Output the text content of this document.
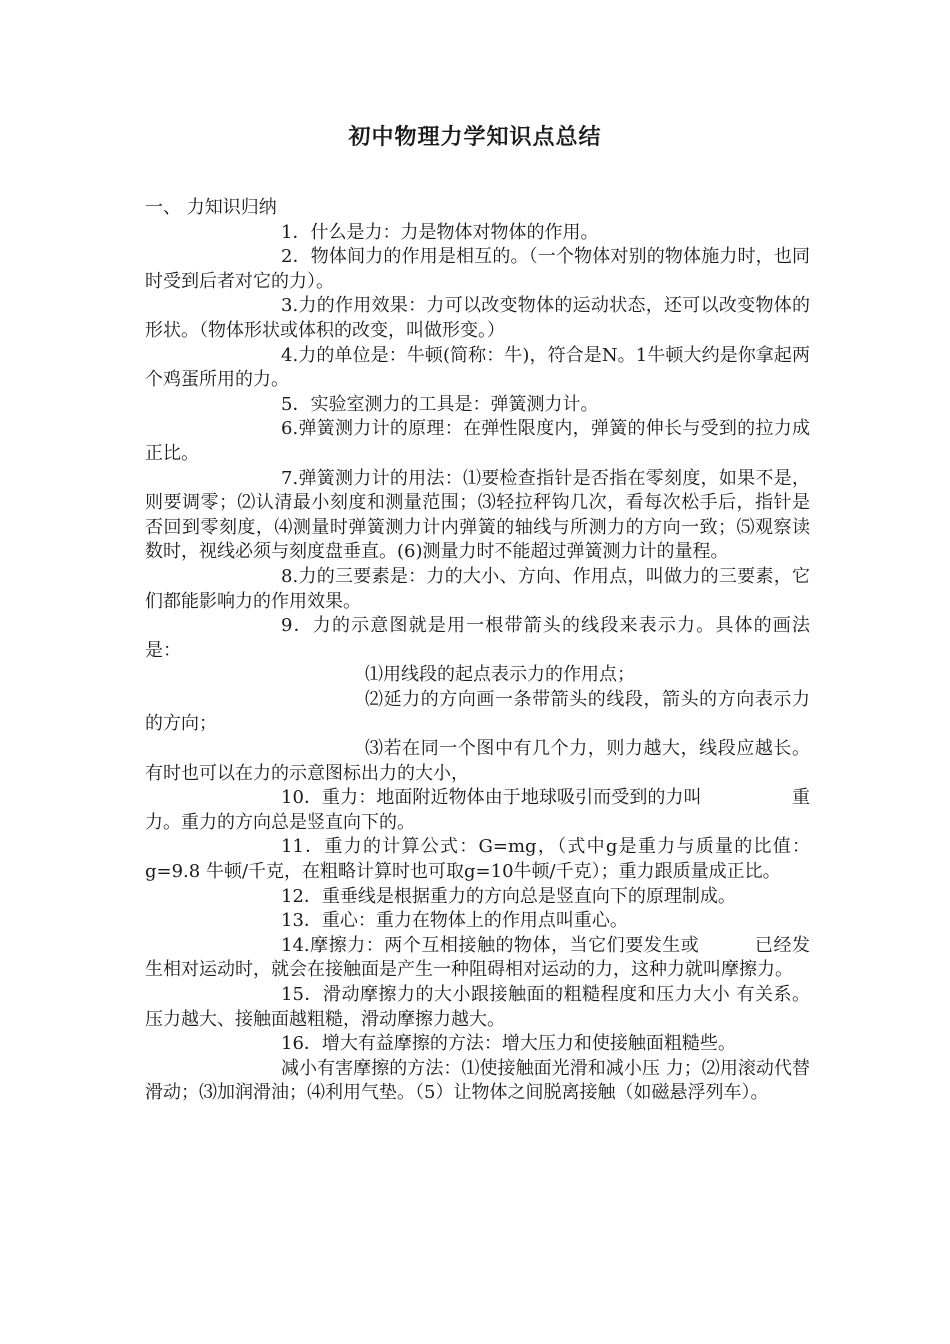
初中物理力学知识点总结

一、 力知识归纳

1．什么是力：力是物体对物体的作用。

2．物体间力的作用是相互的。（一个物体对别的物体施力时，也同时受到后者对它的力）。

3.力的作用效果：力可以改变物体的运动状态，还可以改变物体的形状。（物体形状或体积的改变，叫做形变。）

4.力的单位是：牛顿(简称：牛)，符合是N。1牛顿大约是你拿起两个鸡蛋所用的力。

5．实验室测力的工具是：弹簧测力计。

6.弹簧测力计的原理：在弹性限度内，弹簧的伸长与受到的拉力成正比。

7.弹簧测力计的用法：⑴要检查指针是否指在零刻度，如果不是，则要调零；⑵认清最小刻度和测量范围；⑶轻拉秤钩几次，看每次松手后，指针是否回到零刻度，⑷测量时弹簧测力计内弹簧的轴线与所测力的方向一致；⑸观察读数时，视线必须与刻度盘垂直。(6)测量力时不能超过弹簧测力计的量程。

8.力的三要素是：力的大小、方向、作用点，叫做力的三要素，它们都能影响力的作用效果。

9．力的示意图就是用一根带箭头的线段来表示力。具体的画法是：

⑴用线段的起点表示力的作用点；

⑵延力的方向画一条带箭头的线段，箭头的方向表示力的方向；

⑶若在同一个图中有几个力，则力越大，线段应越长。有时也可以在力的示意图标出力的大小，

10．重力：地面附近物体由于地球吸引而受到的力叫　　　　　重力。重力的方向总是竖直向下的。

11．重力的计算公式：G=mg，（式中g是重力与质量的比值：g=9.8 牛顿/千克，在粗略计算时也可取g=10牛顿/千克）；重力跟质量成正比。

12．重垂线是根据重力的方向总是竖直向下的原理制成。

13．重心：重力在物体上的作用点叫重心。

14.摩擦力：两个互相接触的物体，当它们要发生或　　　已经发生相对运动时，就会在接触面是产生一种阻碍相对运动的力，这种力就叫摩擦力。

15．滑动摩擦力的大小跟接触面的粗糙程度和压力大小 有关系。压力越大、接触面越粗糙，滑动摩擦力越大。

16．增大有益摩擦的方法：增大压力和使接触面粗糙些。

减小有害摩擦的方法：⑴使接触面光滑和减小压 力；⑵用滚动代替滑动；⑶加润滑油；⑷利用气垫。（5）让物体之间脱离接触（如磁悬浮列车）。
